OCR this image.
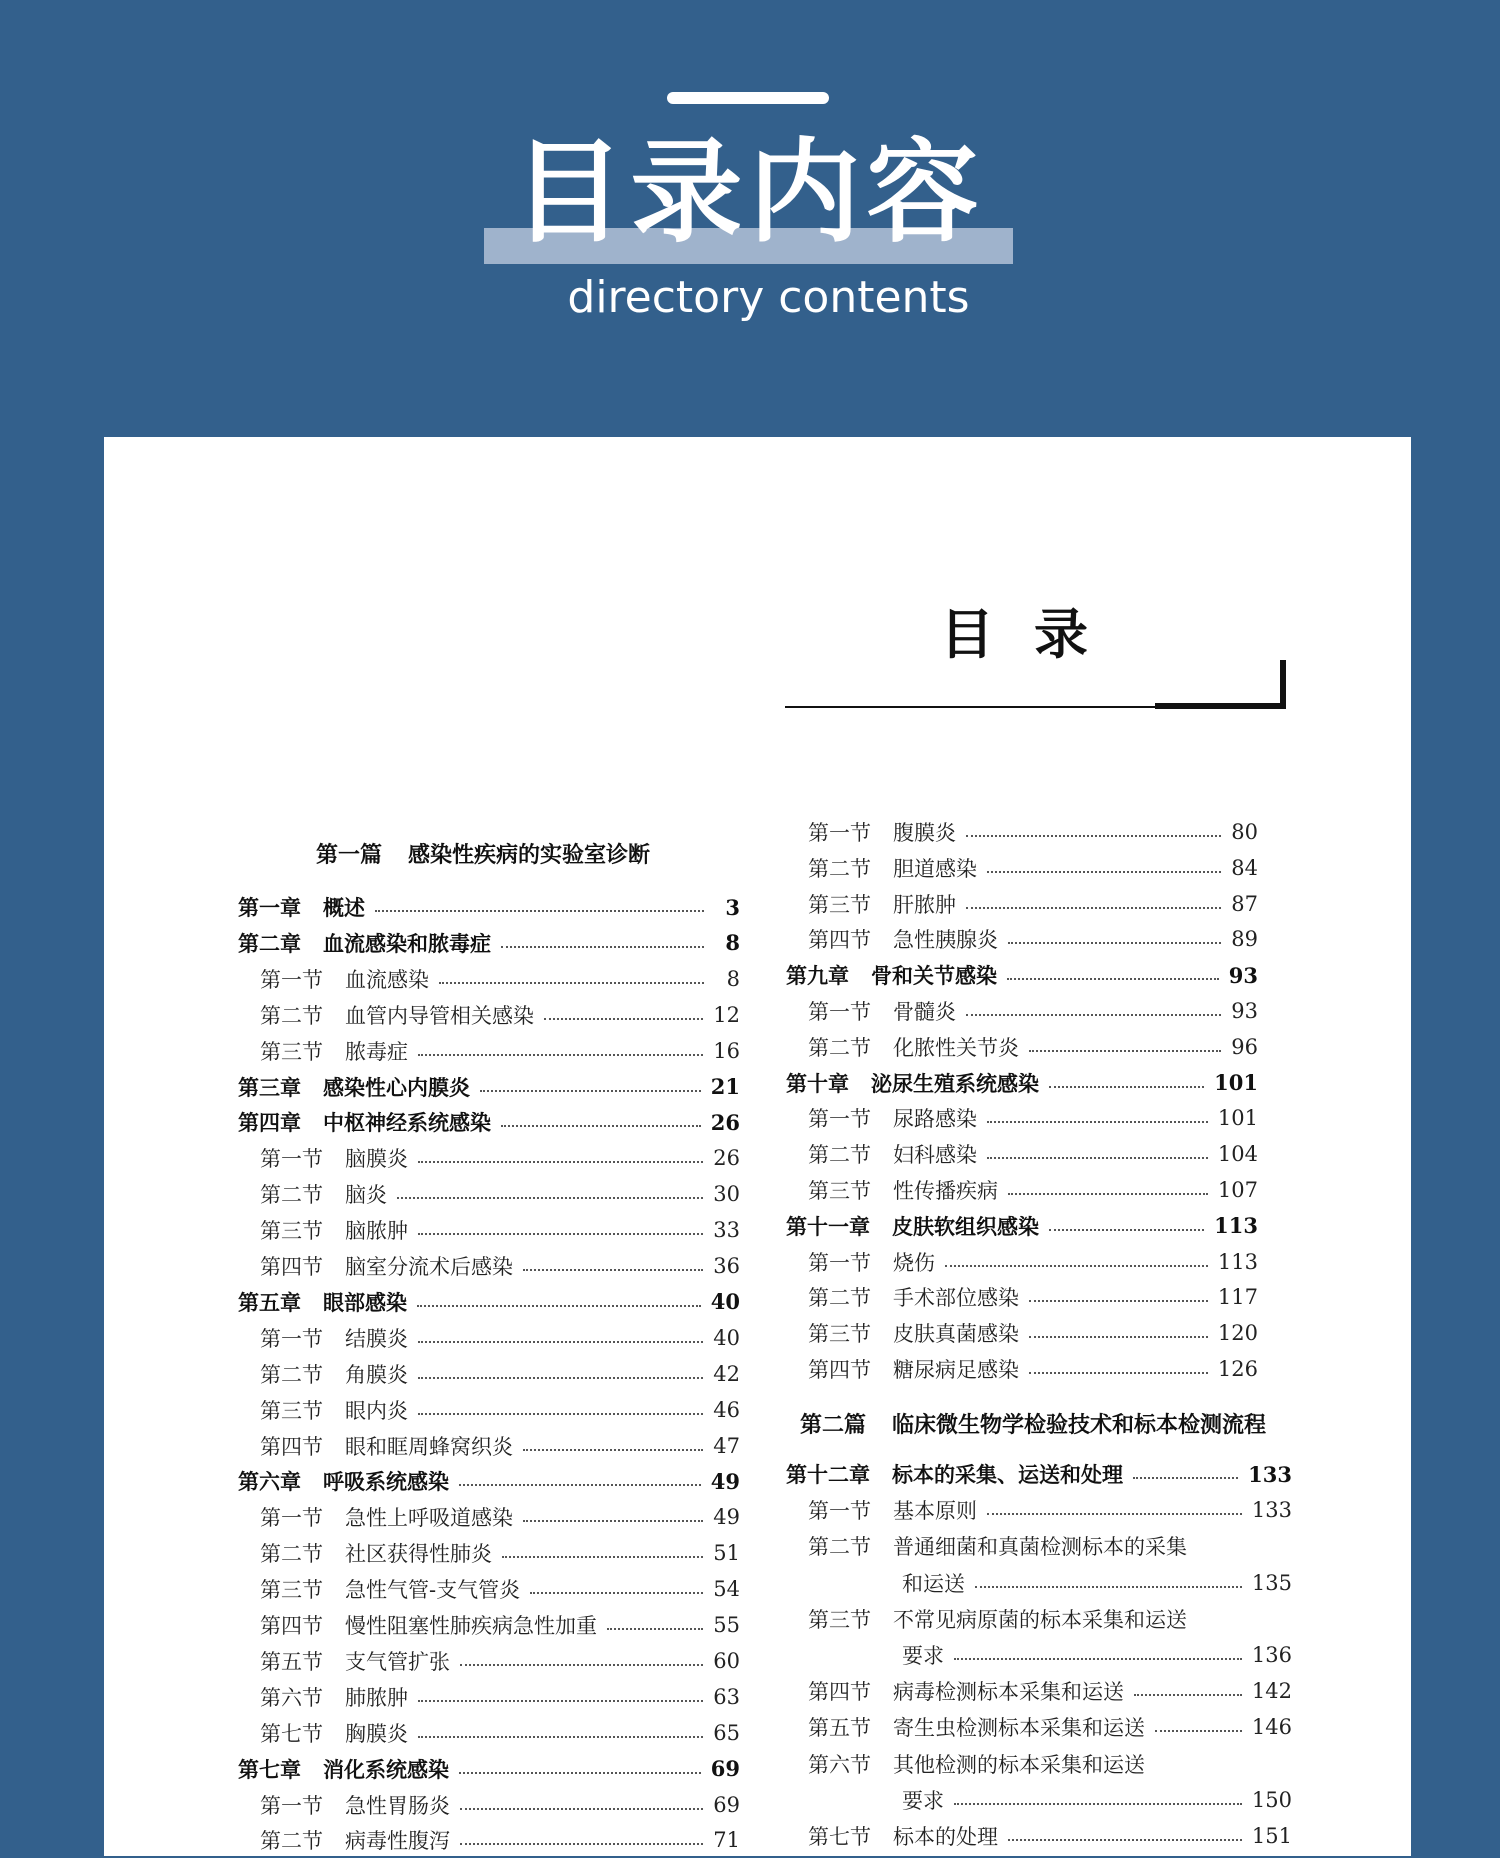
目录内容
directory contents
目录
第一篇 感染性疾病的实验室诊断
第二篇 临床微生物学检验技术和标本检测流程
第一章 概述	3
第二章 血流感染和脓毒症	8
第一节 血流感染	8
第二节 血管内导管相关感染	12
第三节 脓毒症	16
第三章 感染性心内膜炎	21
第四章 中枢神经系统感染	26
第一节 脑膜炎	26
第二节 脑炎	30
第三节 脑脓肿	33
第四节 脑室分流术后感染	36
第五章 眼部感染	40
第一节 结膜炎	40
第二节 角膜炎	42
第三节 眼内炎	46
第四节 眼和眶周蜂窝织炎	47
第六章 呼吸系统感染	49
第一节 急性上呼吸道感染	49
第二节 社区获得性肺炎	51
第三节 急性气管-支气管炎	54
第四节 慢性阻塞性肺疾病急性加重	55
第五节 支气管扩张	60
第六节 肺脓肿	63
第七节 胸膜炎	65
第七章 消化系统感染	69
第一节 急性胃肠炎	69
第二节 病毒性腹泻	71
第一节 腹膜炎	80
第二节 胆道感染	84
第三节 肝脓肿	87
第四节 急性胰腺炎	89
第九章 骨和关节感染	93
第一节 骨髓炎	93
第二节 化脓性关节炎	96
第十章 泌尿生殖系统感染	101
第一节 尿路感染	101
第二节 妇科感染	104
第三节 性传播疾病	107
第十一章 皮肤软组织感染	113
第一节 烧伤	113
第二节 手术部位感染	117
第三节 皮肤真菌感染	120
第四节 糖尿病足感染	126
第十二章 标本的采集、运送和处理	133
第一节 基本原则	133
第二节 普通细菌和真菌检测标本的采集
和运送	135
第三节 不常见病原菌的标本采集和运送
要求	136
第四节 病毒检测标本采集和运送	142
第五节 寄生虫检测标本采集和运送	146
第六节 其他检测的标本采集和运送
要求	150
第七节 标本的处理	151
